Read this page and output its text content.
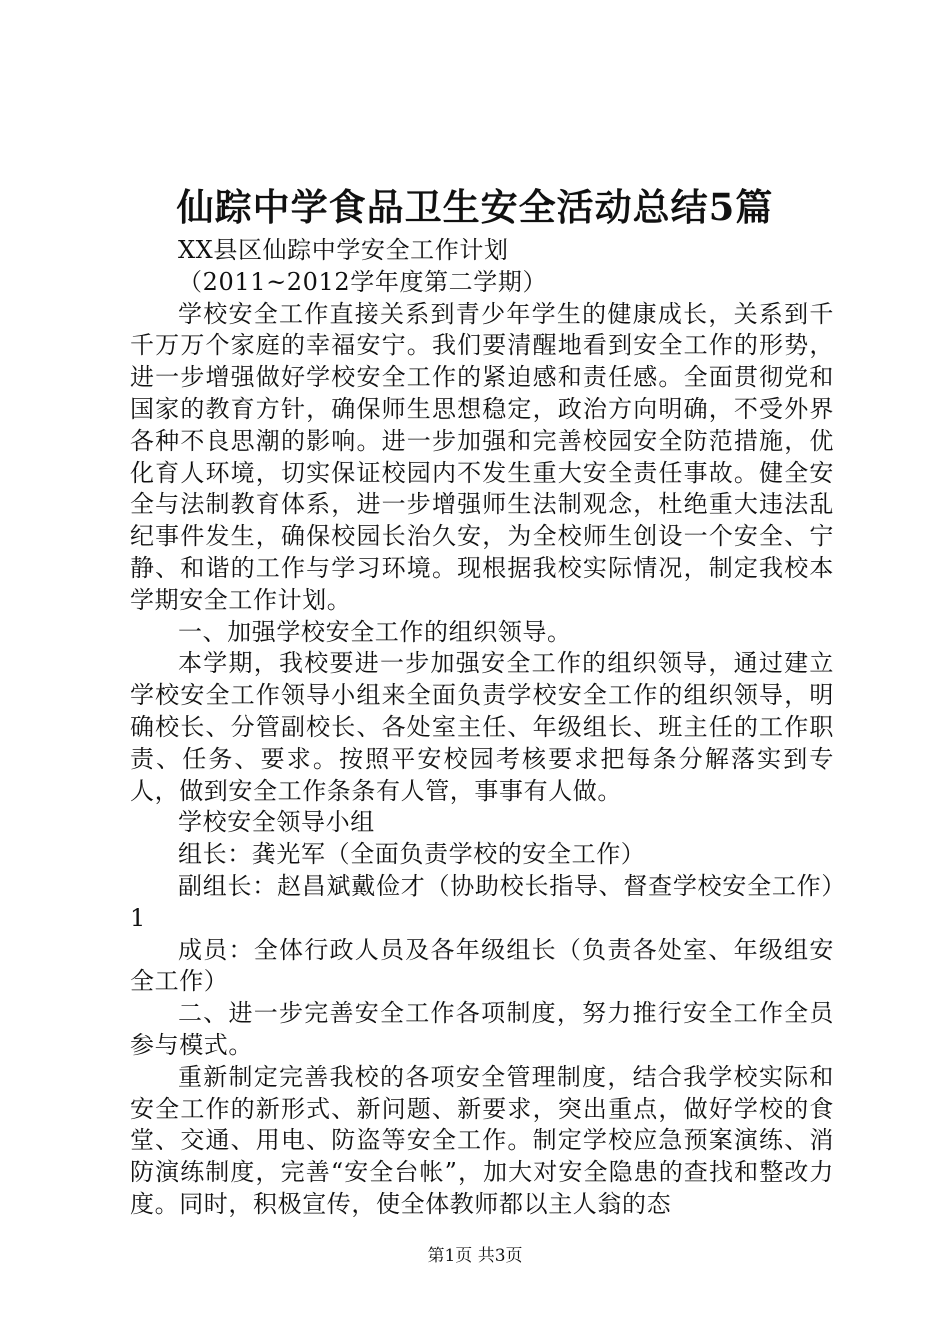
仙踪中学食品卫生安全活动总结5篇

XX县区仙踪中学安全工作计划

（2011~2012学年度第二学期）

学校安全工作直接关系到青少年学生的健康成长，关系到千千万万个家庭的幸福安宁。我们要清醒地看到安全工作的形势，进一步增强做好学校安全工作的紧迫感和责任感。全面贯彻党和国家的教育方针，确保师生思想稳定，政治方向明确，不受外界各种不良思潮的影响。进一步加强和完善校园安全防范措施，优化育人环境，切实保证校园内不发生重大安全责任事故。健全安全与法制教育体系，进一步增强师生法制观念，杜绝重大违法乱纪事件发生，确保校园长治久安，为全校师生创设一个安全、宁静、和谐的工作与学习环境。现根据我校实际情况，制定我校本学期安全工作计划。

一、加强学校安全工作的组织领导。

本学期，我校要进一步加强安全工作的组织领导，通过建立学校安全工作领导小组来全面负责学校安全工作的组织领导，明确校长、分管副校长、各处室主任、年级组长、班主任的工作职责、任务、要求。按照平安校园考核要求把每条分解落实到专人，做到安全工作条条有人管，事事有人做。

学校安全领导小组

组长：龚光军（全面负责学校的安全工作）

副组长：赵昌斌戴俭才（协助校长指导、督查学校安全工作）1

成员：全体行政人员及各年级组长（负责各处室、年级组安全工作）

二、进一步完善安全工作各项制度，努力推行安全工作全员参与模式。

重新制定完善我校的各项安全管理制度，结合我学校实际和安全工作的新形式、新问题、新要求，突出重点，做好学校的食堂、交通、用电、防盗等安全工作。制定学校应急预案演练、消防演练制度，完善“安全台帐”，加大对安全隐患的查找和整改力度。同时，积极宣传，使全体教师都以主人翁的态

第1页 共3页
